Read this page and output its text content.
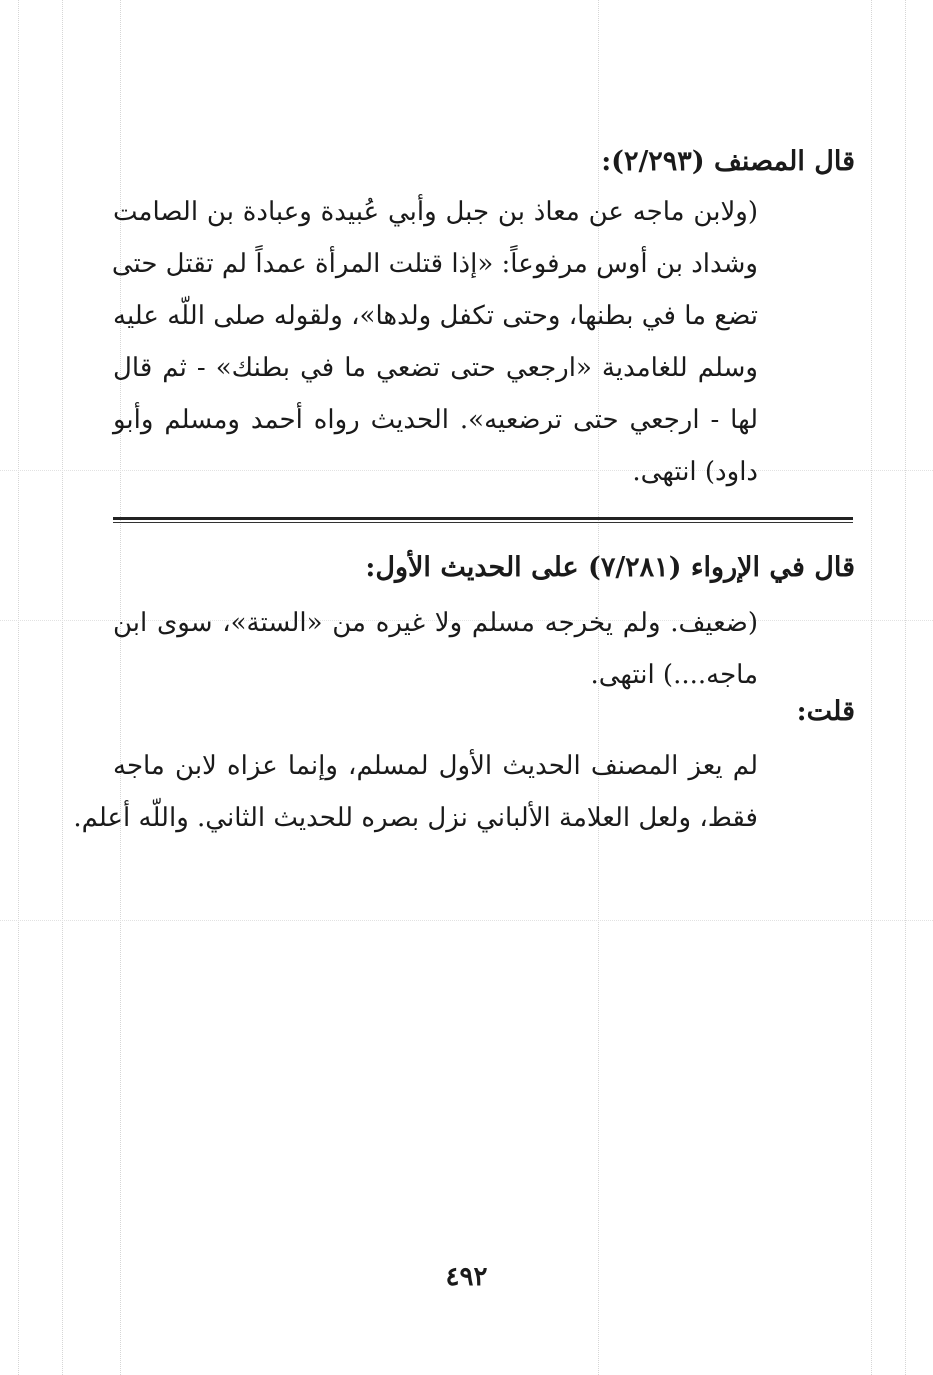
قال المصنف (٢/٢٩٣):
(ولابن ماجه عن معاذ بن جبل وأبي عُبيدة وعبادة بن الصامت
وشداد بن أوس مرفوعاً: «إذا قتلت المرأة عمداً لم تقتل حتى
تضع ما في بطنها، وحتى تكفل ولدها»، ولقوله صلى اللّه عليه
وسلم للغامدية «ارجعي حتى تضعي ما في بطنك» - ثم قال
لها - ارجعي حتى ترضعيه». الحديث رواه أحمد ومسلم وأبو
داود) انتهى.
قال في الإرواء (٧/٢٨١) على الحديث الأول:
(ضعيف. ولم يخرجه مسلم ولا غيره من «الستة»، سوى ابن
ماجه....) انتهى.
قلت:
لم يعز المصنف الحديث الأول لمسلم، وإنما عزاه لابن ماجه
فقط، ولعل العلامة الألباني نزل بصره للحديث الثاني. واللّه أعلم.
٤٩٢
